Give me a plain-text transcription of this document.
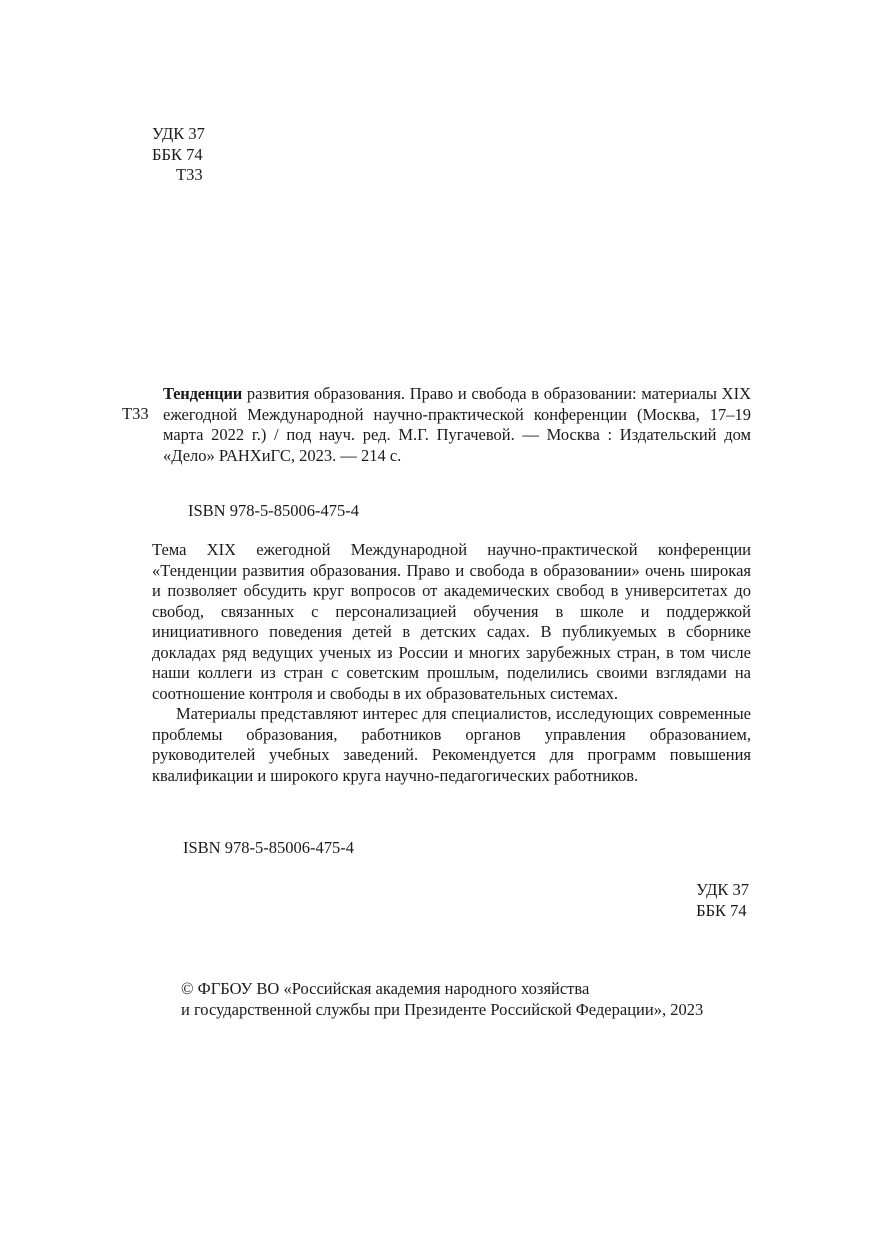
УДК 37
ББК 74
Т33
Т33
Тенденции развития образования. Право и свобода в образовании: материалы XIX ежегодной Международной научно-практической конференции (Москва, 17–19 марта 2022 г.) / под науч. ред. М.Г. Пугачевой. — Москва : Издательский дом «Дело» РАНХиГС, 2023. — 214 с.
ISBN 978-5-85006-475-4

Тема XIX ежегодной Международной научно-практической конференции «Тенденции развития образования. Право и свобода в образовании» очень широкая и позволяет обсудить круг вопросов от академических свобод в университетах до свобод, связанных с персонализацией обучения в школе и поддержкой инициативного поведения детей в детских садах. В публикуемых в сборнике докладах ряд ведущих ученых из России и многих зарубежных стран, в том числе наши коллеги из стран с советским прошлым, поделились своими взглядами на соотношение контроля и свободы в их образовательных системах.

Материалы представляют интерес для специалистов, исследующих современные проблемы образования, работников органов управления образованием, руководителей учебных заведений. Рекомендуется для программ повышения квалификации и широкого круга научно-педагогических работников.

ISBN 978-5-85006-475-4
УДК 37
ББК 74
© ФГБОУ ВО «Российская академия народного хозяйства
и государственной службы при Президенте Российской Федерации», 2023
